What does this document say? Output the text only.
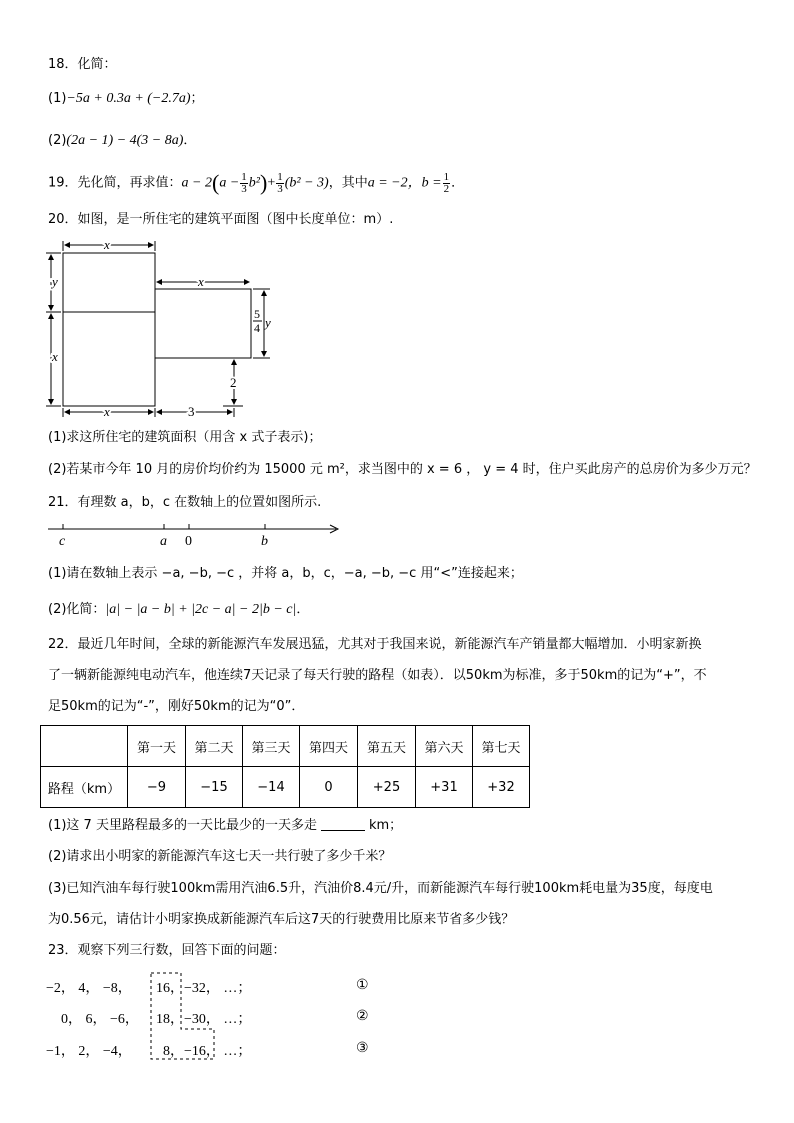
18．化简：
(1)−5a + 0.3a + (−2.7a)；
(2)(2a − 1) − 4(3 − 8a)．
19．先化简，再求值：$a - 2(a - \frac{1}{3} b^2)+ \frac{1}{3} (b^2 - 3)$，其中a = −2，$b = \frac{1}{2}$ ．
20．如图，是一所住宅的建筑平面图（图中长度单位：m）.
x
x
y
x
5
4 y
2
x	3
(1)求这所住宅的建筑面积（用含 x 式子表示)；
(2)若某市今年 10 月的房价均价约为 15000 元 m²，求当图中的 x = 6 ， y = 4 时，住户买此房产的总房价为多少万元？
21．有理数 a，b，c 在数轴上的位置如图所示.
c	a 0	b
(1)请在数轴上表示 −a, −b, −c ，并将 a，b，c，−a, −b, −c 用“<”连接起来；
(2)化简：|a| − |a − b| + |2c − a| − 2|b − c|．
22．最近几年时间，全球的新能源汽车发展迅猛，尤其对于我国来说，新能源汽车产销量都大幅增加．小明家新换
了一辆新能源纯电动汽车，他连续7天记录了每天行驶的路程（如表）．以50km为标准，多于50km的记为“+”，不
足50km的记为“-”，刚好50km的记为“0”．
	第一天	第二天	第三天	第四天	第五天	第六天	第七天
路程（km）	−9	−15	−14	0	+25	+31	+32
(1)这 7 天里路程最多的一天比最少的一天多走	km；
(2)请求出小明家的新能源汽车这七天一共行驶了多少千米？
(3)已知汽油车每行驶100km需用汽油6.5升，汽油价8.4元/升，而新能源汽车每行驶100km耗电量为35度，每度电
为0.56元，请估计小明家换成新能源汽车后这7天的行驶费用比原来节省多少钱？
23．观察下列三行数，回答下面的问题：
−2， 4， −8， 16， −32， …；	①
0， 6， −6， 18， −30， …；	②
−1， 2， −4， 8， −16， …；	③
